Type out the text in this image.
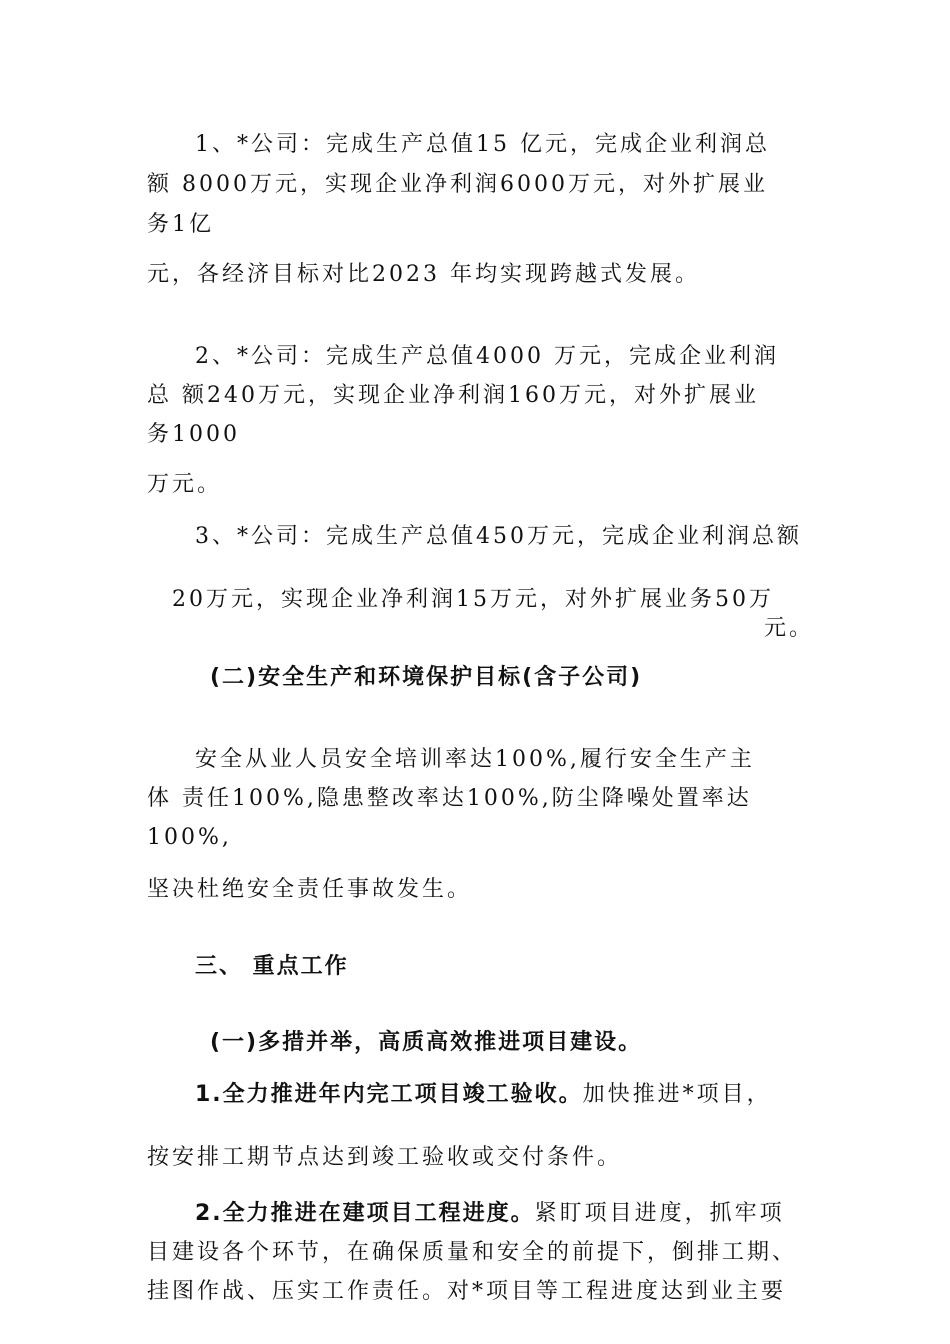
1、*公司：完成生产总值15 亿元，完成企业利润总
额 8000万元，实现企业净利润6000万元，对外扩展业
务1亿
元，各经济目标对比2023 年均实现跨越式发展。
2、*公司：完成生产总值4000 万元，完成企业利润
总 额240万元，实现企业净利润160万元，对外扩展业
务1000
万元。
3、*公司：完成生产总值450万元，完成企业利润总额
20万元，实现企业净利润15万元，对外扩展业务50万
元。
(二)安全生产和环境保护目标(含子公司)
安全从业人员安全培训率达100%,履行安全生产主
体 责任100%,隐患整改率达100%,防尘降噪处置率达
100%,
坚决杜绝安全责任事故发生。
三、 重点工作
(一)多措并举，高质高效推进项目建设。
1.全力推进年内完工项目竣工验收。加快推进*项目，
按安排工期节点达到竣工验收或交付条件。
2.全力推进在建项目工程进度。紧盯项目进度，抓牢项
目建设各个环节，在确保质量和安全的前提下，倒排工期、
挂图作战、压实工作责任。对*项目等工程进度达到业主要
